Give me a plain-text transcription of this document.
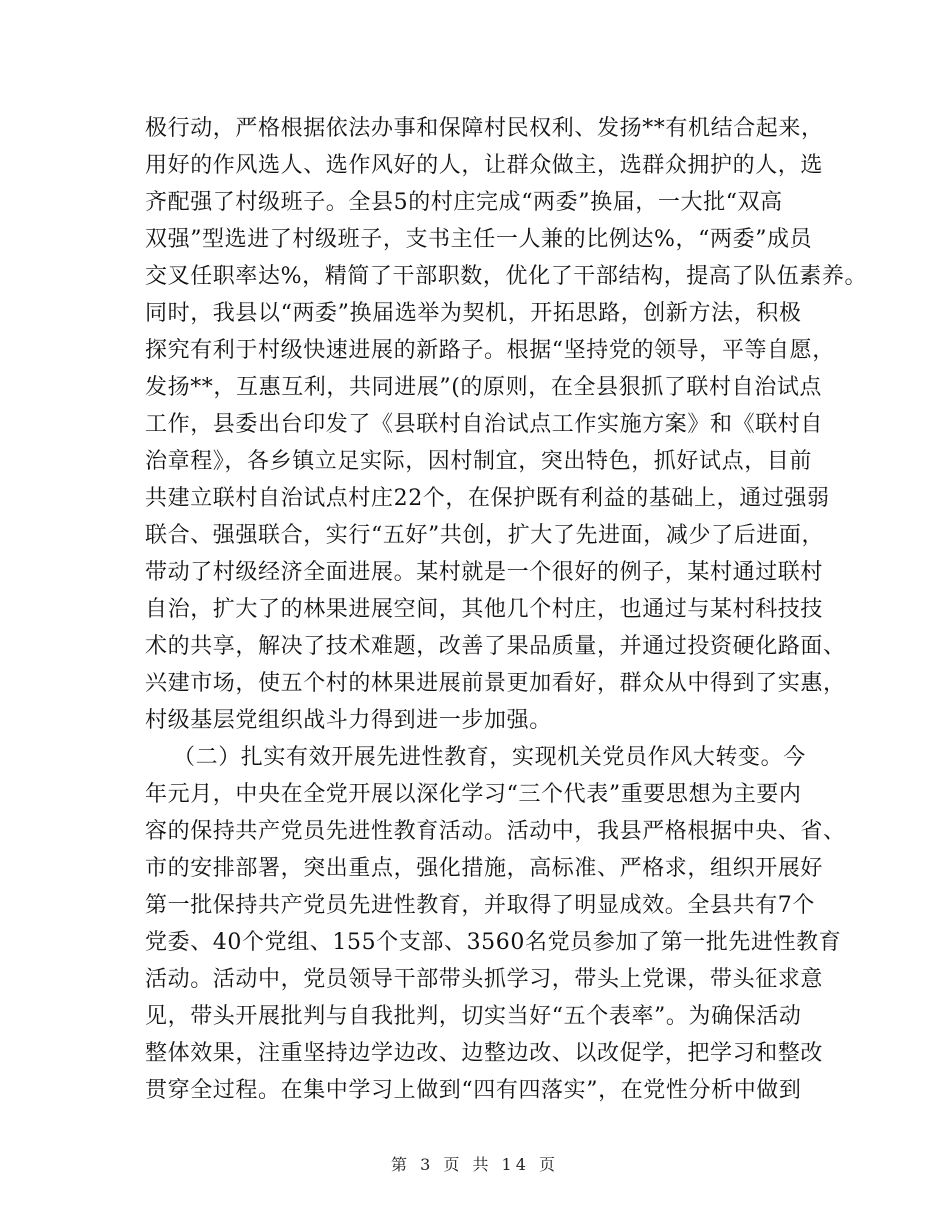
极行动，严格根据依法办事和保障村民权利、发扬**有机结合起来，
用好的作风选人、选作风好的人，让群众做主，选群众拥护的人，选
齐配强了村级班子。全县5的村庄完成“两委”换届，一大批“双高
双强”型选进了村级班子，支书主任一人兼的比例达%，“两委”成员
交叉任职率达%，精简了干部职数，优化了干部结构，提高了队伍素养。
同时，我县以“两委”换届选举为契机，开拓思路，创新方法，积极
探究有利于村级快速进展的新路子。根据“坚持党的领导，平等自愿，
发扬**，互惠互利，共同进展”(的原则，在全县狠抓了联村自治试点
工作，县委出台印发了《县联村自治试点工作实施方案》和《联村自
治章程》，各乡镇立足实际，因村制宜，突出特色，抓好试点，目前
共建立联村自治试点村庄22个，在保护既有利益的基础上，通过强弱
联合、强强联合，实行“五好”共创，扩大了先进面，减少了后进面，
带动了村级经济全面进展。某村就是一个很好的例子，某村通过联村
自治，扩大了的林果进展空间，其他几个村庄，也通过与某村科技技
术的共享，解决了技术难题，改善了果品质量，并通过投资硬化路面、
兴建市场，使五个村的林果进展前景更加看好，群众从中得到了实惠，
村级基层党组织战斗力得到进一步加强。
（二）扎实有效开展先进性教育，实现机关党员作风大转变。今
年元月，中央在全党开展以深化学习“三个代表”重要思想为主要内
容的保持共产党员先进性教育活动。活动中，我县严格根据中央、省、
市的安排部署，突出重点，强化措施，高标准、严格求，组织开展好
第一批保持共产党员先进性教育，并取得了明显成效。全县共有7个
党委、40个党组、155个支部、3560名党员参加了第一批先进性教育
活动。活动中，党员领导干部带头抓学习，带头上党课，带头征求意
见，带头开展批判与自我批判，切实当好“五个表率”。为确保活动
整体效果，注重坚持边学边改、边整边改、以改促学，把学习和整改
贯穿全过程。在集中学习上做到“四有四落实”，在党性分析中做到
第 3 页 共 14 页
